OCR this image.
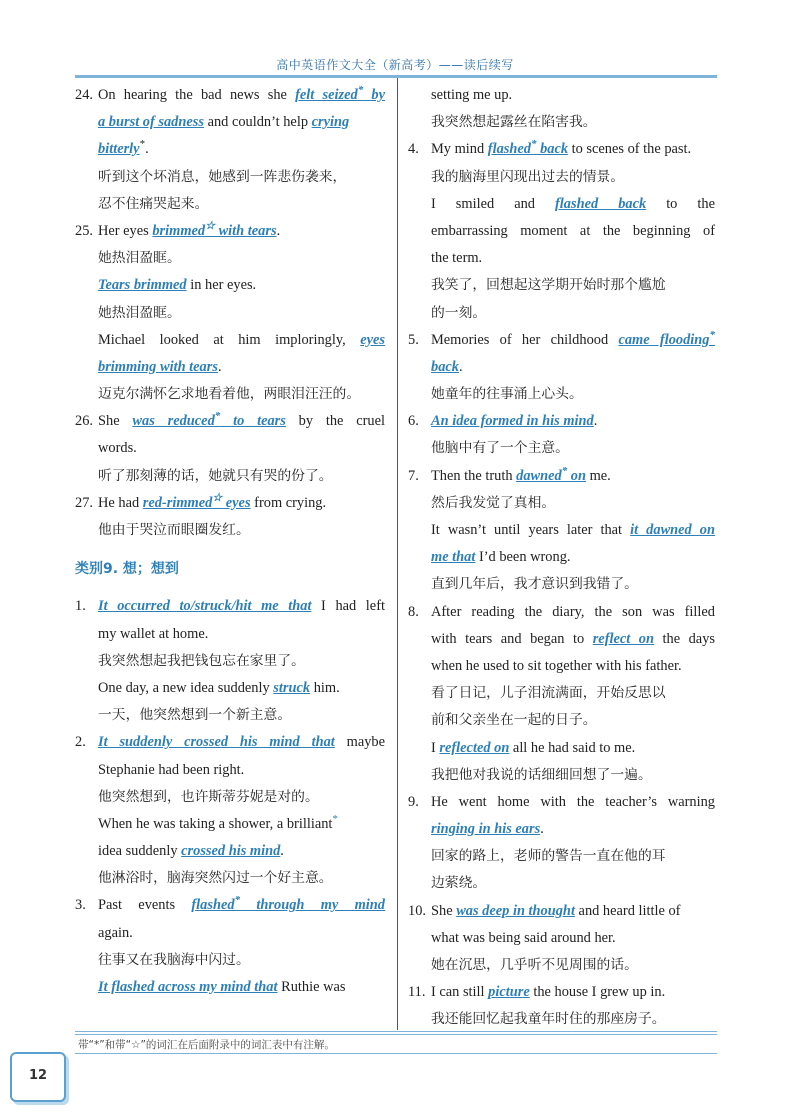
高中英语作文大全（新高考）——读后续写
24. On hearing the bad news she felt seized* by
a burst of sadness and couldn’t help crying
bitterly*.
听到这个坏消息，她感到一阵悲伤袭来，
忍不住痛哭起来。
25. Her eyes brimmed☆ with tears.
她热泪盈眶。
Tears brimmed in her eyes.
她热泪盈眶。
Michael looked at him imploringly, eyes
brimming with tears.
迈克尔满怀乞求地看着他，两眼泪汪汪的。
26. She was reduced* to tears by the cruel
words.
听了那刻薄的话，她就只有哭的份了。
27. He had red-rimmed☆ eyes from crying.
他由于哭泣而眼圈发红。
类别9. 想；想到
1. It occurred to/struck/hit me that I had left
my wallet at home.
我突然想起我把钱包忘在家里了。
One day, a new idea suddenly struck him.
一天，他突然想到一个新主意。
2. It suddenly crossed his mind that maybe
Stephanie had been right.
他突然想到，也许斯蒂芬妮是对的。
When he was taking a shower, a brilliant*
idea suddenly crossed his mind.
他淋浴时，脑海突然闪过一个好主意。
3. Past events flashed* through my mind
again.
往事又在我脑海中闪过。
It flashed across my mind that Ruthie was
setting me up.
我突然想起露丝在陷害我。
4. My mind flashed* back to scenes of the past.
我的脑海里闪现出过去的情景。
I smiled and flashed back to the
embarrassing moment at the beginning of
the term.
我笑了，回想起这学期开始时那个尴尬
的一刻。
5. Memories of her childhood came flooding*
back.
她童年的往事涌上心头。
6. An idea formed in his mind.
他脑中有了一个主意。
7. Then the truth dawned* on me.
然后我发觉了真相。
It wasn’t until years later that it dawned on
me that I’d been wrong.
直到几年后，我才意识到我错了。
8. After reading the diary, the son was filled
with tears and began to reflect on the days
when he used to sit together with his father.
看了日记，儿子泪流满面，开始反思以
前和父亲坐在一起的日子。
I reflected on all he had said to me.
我把他对我说的话细细回想了一遍。
9. He went home with the teacher’s warning
ringing in his ears.
回家的路上，老师的警告一直在他的耳
边萦绕。
10. She was deep in thought and heard little of
what was being said around her.
她在沉思，几乎听不见周围的话。
11. I can still picture the house I grew up in.
我还能回忆起我童年时住的那座房子。
带“*”和带“☆”的词汇在后面附录中的词汇表中有注解。
12
